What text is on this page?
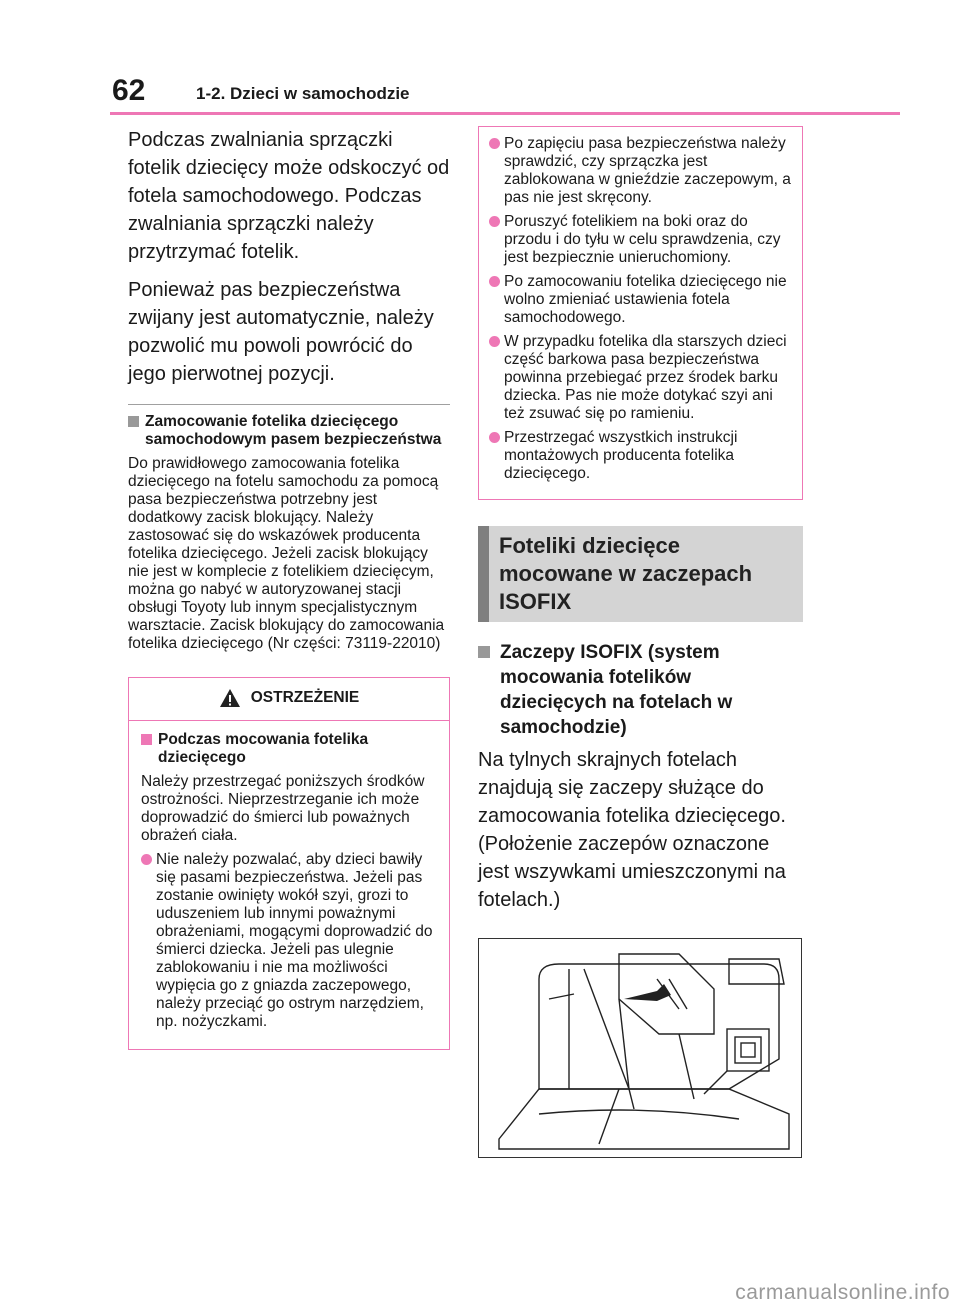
62	1-2. Dzieci w samochodzie

Podczas zwalniania sprzączki fotelik dziecięcy może odskoczyć od fotela samochodowego. Podczas zwalniania sprzączki należy przytrzymać fotelik.

Ponieważ pas bezpieczeństwa zwijany jest automatycznie, należy pozwolić mu powoli powrócić do jego pierwotnej pozycji.

Zamocowanie fotelika dziecięcego samochodowym pasem bezpieczeństwa

Do prawidłowego zamocowania fotelika dziecięcego na fotelu samochodu za pomocą pasa bezpieczeństwa potrzebny jest dodatkowy zacisk blokujący. Należy zastosować się do wskazówek producenta fotelika dziecięcego. Jeżeli zacisk blokujący nie jest w komplecie z fotelikiem dziecięcym, można go nabyć w autoryzowanej stacji obsługi Toyoty lub innym specjalistycznym warsztacie. Zacisk blokujący do zamocowania fotelika dziecięcego (Nr części: 73119-22010)

OSTRZEŻENIE
Podczas mocowania fotelika dziecięcego
Należy przestrzegać poniższych środków ostrożności. Nieprzestrzeganie ich może doprowadzić do śmierci lub poważnych obrażeń ciała.
Nie należy pozwalać, aby dzieci bawiły się pasami bezpieczeństwa. Jeżeli pas zostanie owinięty wokół szyi, grozi to uduszeniem lub innymi poważnymi obrażeniami, mogącymi doprowadzić do śmierci dziecka. Jeżeli pas ulegnie zablokowaniu i nie ma możliwości wypięcia go z gniazda zaczepowego, należy przeciąć go ostrym narzędziem, np. nożyczkami.
Po zapięciu pasa bezpieczeństwa należy sprawdzić, czy sprzączka jest zablokowana w gnieździe zaczepowym, a pas nie jest skręcony.
Poruszyć fotelikiem na boki oraz do przodu i do tyłu w celu sprawdzenia, czy jest bezpiecznie unieruchomiony.
Po zamocowaniu fotelika dziecięcego nie wolno zmieniać ustawienia fotela samochodowego.
W przypadku fotelika dla starszych dzieci część barkowa pasa bezpieczeństwa powinna przebiegać przez środek barku dziecka. Pas nie może dotykać szyi ani też zsuwać się po ramieniu.
Przestrzegać wszystkich instrukcji montażowych producenta fotelika dziecięcego.
Foteliki dziecięce mocowane w zaczepach ISOFIX
Zaczepy ISOFIX (system mocowania fotelików dziecięcych na fotelach w samochodzie)

Na tylnych skrajnych fotelach znajdują się zaczepy służące do zamocowania fotelika dziecięcego. (Położenie zaczepów oznaczone jest wszywkami umieszczonymi na fotelach.)

carmanualsonline.info
